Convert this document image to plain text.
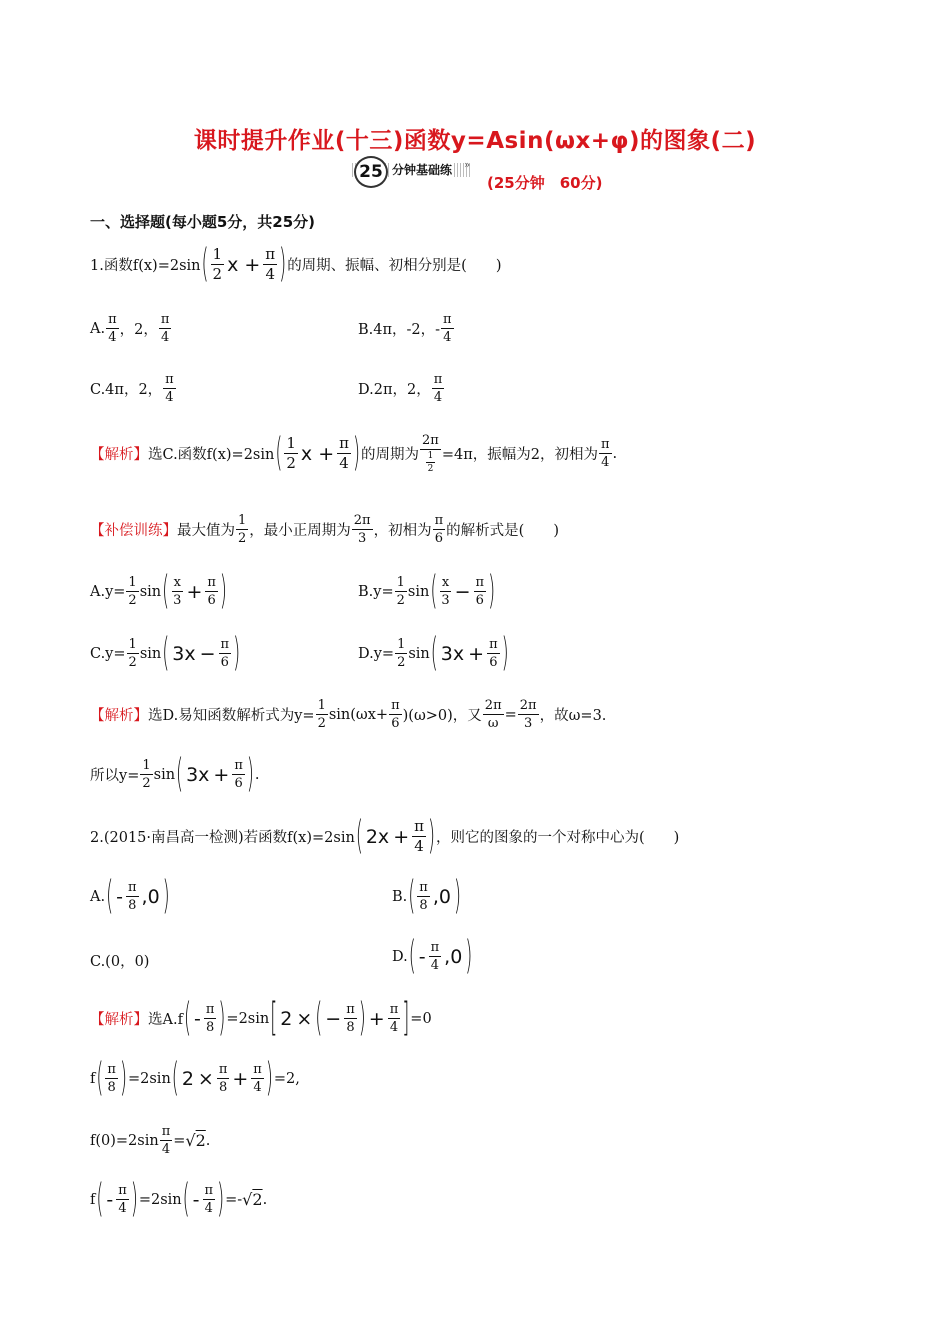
课时提升作业(十三)函数y=Asin(ωx+φ)的图象(二)
25 分钟基础练 »
(25分钟　60分)
一、选择题(每小题5分，共25分)
1.函数f(x)=2sin ( $\frac{1}{2}$ $x + \frac{\pi}{4}$ ) 的周期、振幅、初相分别是(　　)
A. $\frac{\pi}{4}$ ，2， $\frac{\pi}{4}$	B.4π，-2，- $\frac{\pi}{4}$
C.4π，2， $\frac{\pi}{4}$	D.2π，2， $\frac{\pi}{4}$
【解析】 选C.函数f(x)=2sin ( $\frac{1}{2}$ $x + \frac{\pi}{4}$ ) 的周期为 $\frac{2\pi}{\frac{1}{2}} =4\pi$，振幅为2，初相为 $\frac{\pi}{4}$ .
【补偿训练】 最大值为 $\frac{1}{2}$ ，最小正周期为 $\frac{2\pi}{3}$ ，初相为 $\frac{\pi}{6}$ 的解析式是(　　)
$A.y= \frac{1}{2}$ sin ( $\frac{x}{3} + \frac{\pi}{6}$ )	$B.y= \frac{1}{2}$ sin ( $\frac{x}{3} - \frac{\pi}{6}$ )
$C.y= \frac{1}{2}$ sin ( $3x - \frac{\pi}{6}$ )	$D.y= \frac{1}{2}$ sin ( $3x + \frac{\pi}{6}$ )
【解析】 选D.易知函数解析式为$y= \frac{1}{2} \sin(\omega x+ \frac{\pi}{6} )(\omega>0)$，又 $\frac{2\pi}{\omega} = \frac{2\pi}{3}$ ，故ω=3.
所以$y= \frac{1}{2}$ sin ( $3x + \frac{\pi}{6}$ ) .
2.(2015·南昌高一检测)若函数f(x)=2sin ( $2x + \frac{\pi}{4}$ ) ，则它的图象的一个对称中心为(　　)
A. ( - $\frac{\pi}{8} ,0$ )	B. ( $\frac{\pi}{8} ,0$ )
C.(0，0)	D. ( - $\frac{\pi}{4} ,0$ )
【解析】 选A.f ( - $\frac{\pi}{8}$ ) =2sin [ 2 × ( − $\frac{\pi}{8}$ ) + $\frac{\pi}{4}$ ] =0
f ( $\frac{\pi}{8}$ ) =2sin ( $2 \times \frac{\pi}{8} + \frac{\pi}{4}$ ) =2,
$f(0)=2\sin \frac{\pi}{4} = √2$ .
f ( - $\frac{\pi}{4}$ ) =2sin ( - $\frac{\pi}{4}$ ) =- √2 .
